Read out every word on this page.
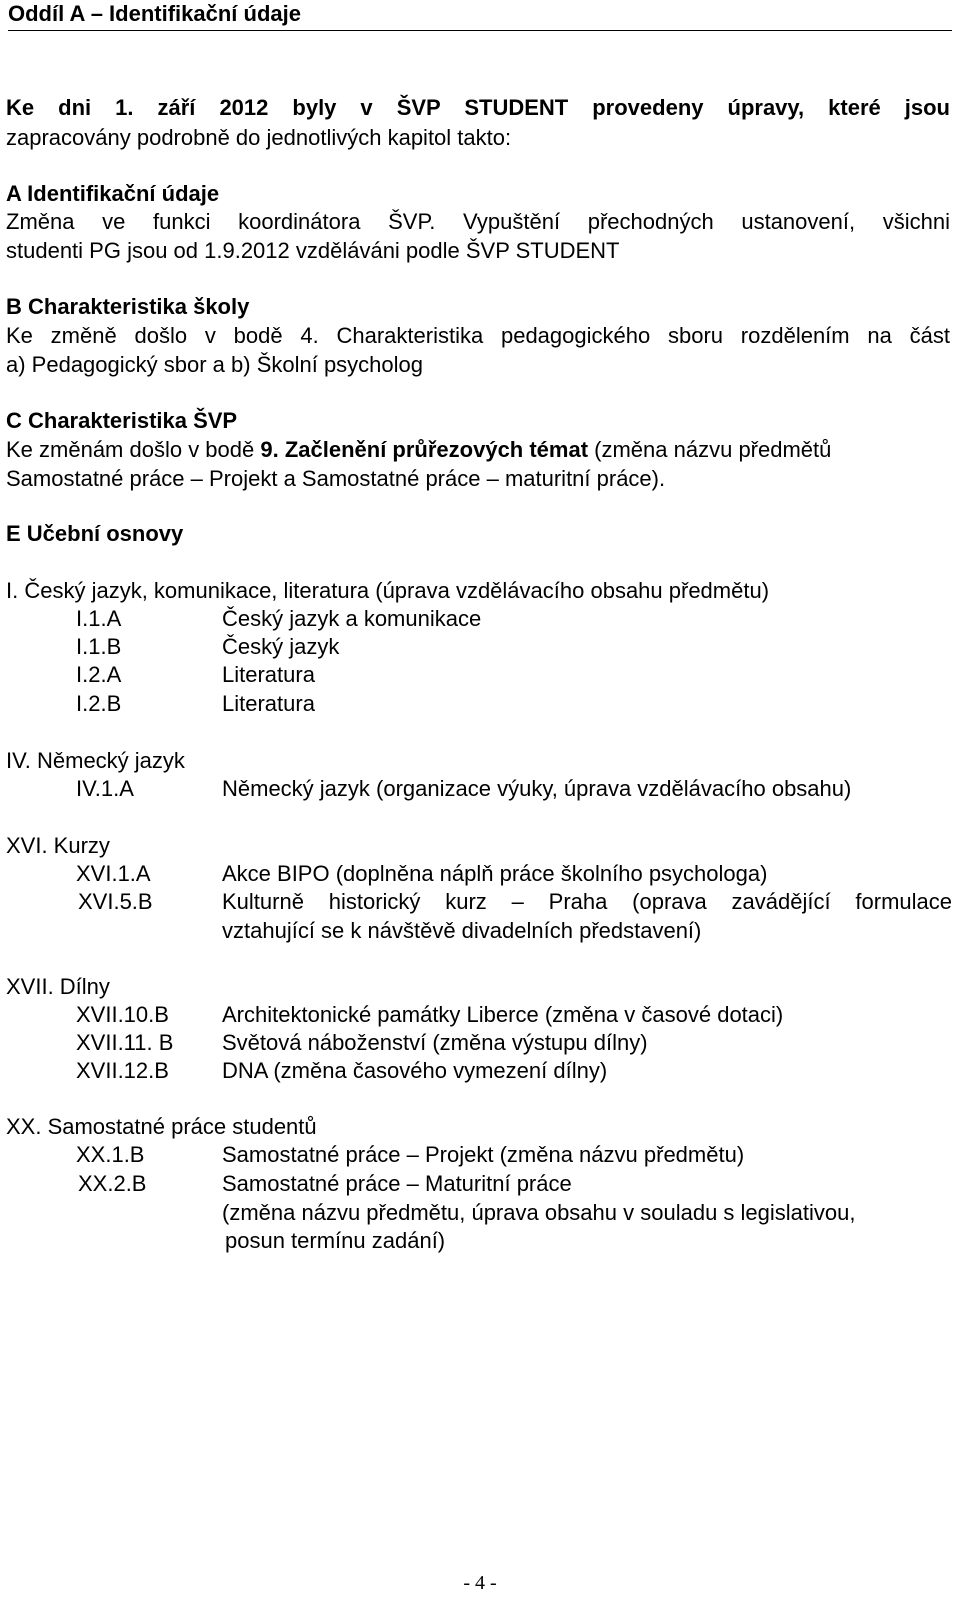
Oddíl A – Identifikační údaje
Ke dni 1. září 2012 byly v ŠVP STUDENT provedeny úpravy, které jsou
zapracovány podrobně do jednotlivých kapitol takto:
A Identifikační údaje
Změna ve funkci koordinátora ŠVP. Vypuštění přechodných ustanovení, všichni
studenti PG jsou od 1.9.2012 vzděláváni podle ŠVP STUDENT
B Charakteristika školy
Ke změně došlo v bodě 4. Charakteristika pedagogického sboru rozdělením na část
a) Pedagogický sbor a b) Školní psycholog
C Charakteristika ŠVP
Ke změnám došlo v bodě 9. Začlenění průřezových témat (změna názvu předmětů
Samostatné práce – Projekt a Samostatné práce – maturitní práce).
E Učební osnovy
I. Český jazyk, komunikace, literatura (úprava vzdělávacího obsahu předmětu)
I.1.A	Český jazyk a komunikace
I.1.B	Český jazyk
I.2.A	Literatura
I.2.B	Literatura
IV. Německý jazyk
IV.1.A	Německý jazyk (organizace výuky, úprava vzdělávacího obsahu)
XVI. Kurzy
XVI.1.A	Akce BIPO (doplněna náplň práce školního psychologa)
XVI.5.B	Kulturně historický kurz – Praha (oprava zavádějící formulace
vztahující se k návštěvě divadelních představení)
XVII. Dílny
XVII.10.B Architektonické památky Liberce (změna v časové dotaci)
XVII.11. B Světová náboženství (změna výstupu dílny)
XVII.12.B DNA (změna časového vymezení dílny)
XX. Samostatné práce studentů
XX.1.B	Samostatné práce – Projekt (změna názvu předmětu)
XX.2.B	Samostatné práce – Maturitní práce
(změna názvu předmětu, úprava obsahu v souladu s legislativou,
posun termínu zadání)
- 4 -
